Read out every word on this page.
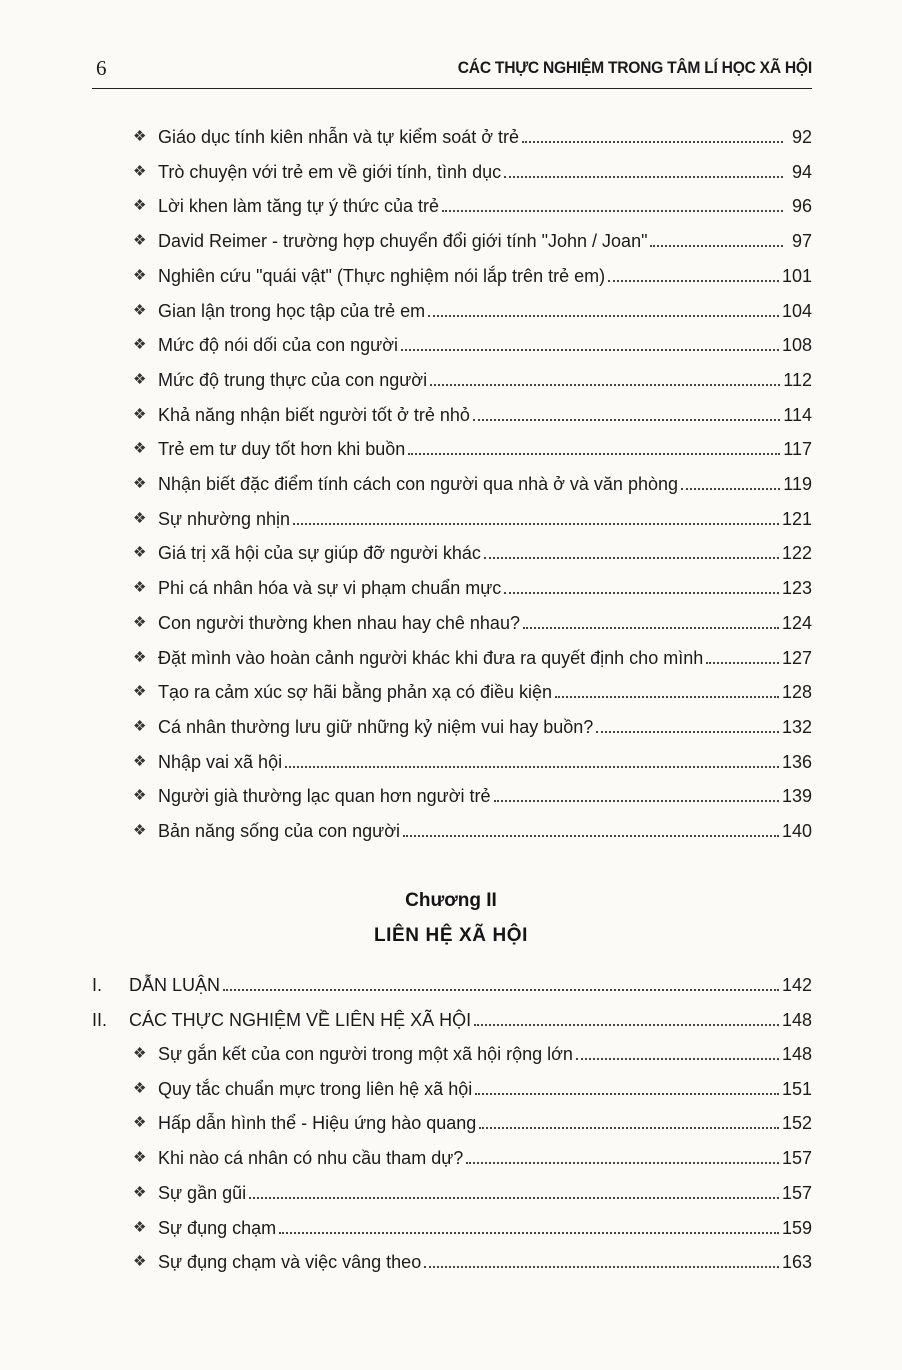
6	CÁC THỰC NGHIỆM TRONG TÂM LÍ HỌC XÃ HỘI
Chương II
LIÊN HỆ XÃ HỘI
❖ Giáo dục tính kiên nhẫn và tự kiểm soát ở trẻ	92
❖ Trò chuyện với trẻ em về giới tính, tình dục	94
❖ Lời khen làm tăng tự ý thức của trẻ	96
❖ David Reimer - trường hợp chuyển đổi giới tính "John / Joan"	97
❖ Nghiên cứu "quái vật" (Thực nghiệm nói lắp trên trẻ em)	101
❖ Gian lận trong học tập của trẻ em	104
❖ Mức độ nói dối của con người	108
❖ Mức độ trung thực của con người	112
❖ Khả năng nhận biết người tốt ở trẻ nhỏ	114
❖ Trẻ em tư duy tốt hơn khi buồn	117
❖ Nhận biết đặc điểm tính cách con người qua nhà ở và văn phòng	119
❖ Sự nhường nhịn	121
❖ Giá trị xã hội của sự giúp đỡ người khác	122
❖ Phi cá nhân hóa và sự vi phạm chuẩn mực	123
❖ Con người thường khen nhau hay chê nhau?	124
❖ Đặt mình vào hoàn cảnh người khác khi đưa ra quyết định cho mình	127
❖ Tạo ra cảm xúc sợ hãi bằng phản xạ có điều kiện	128
❖ Cá nhân thường lưu giữ những kỷ niệm vui hay buồn?	132
❖ Nhập vai xã hội	136
❖ Người già thường lạc quan hơn người trẻ	139
❖ Bản năng sống của con người	140
I.	DẪN LUẬN	142
II.	CÁC THỰC NGHIỆM VỀ LIÊN HỆ XÃ HỘI	148
❖ Sự gắn kết của con người trong một xã hội rộng lớn	148
❖ Quy tắc chuẩn mực trong liên hệ xã hội	151
❖ Hấp dẫn hình thể - Hiệu ứng hào quang	152
❖ Khi nào cá nhân có nhu cầu tham dự?	157
❖ Sự gần gũi	157
❖ Sự đụng chạm	159
❖ Sự đụng chạm và việc vâng theo	163
